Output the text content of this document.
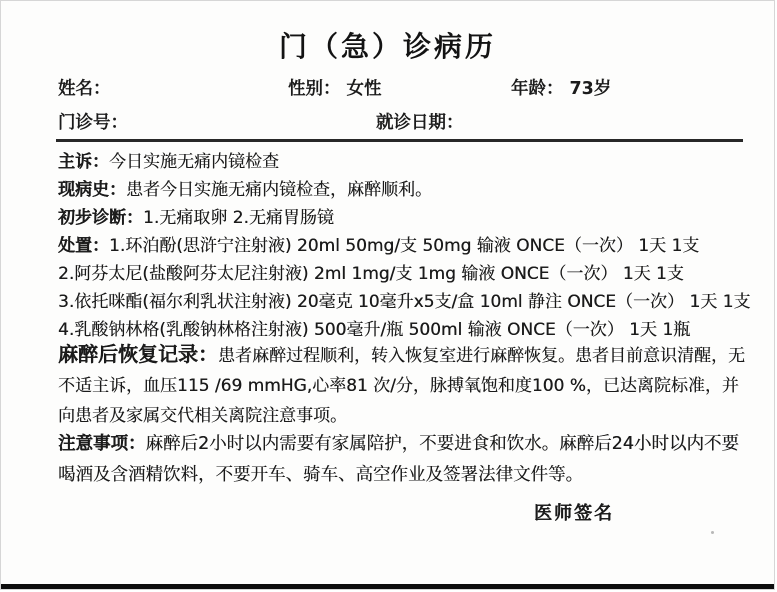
门（急）诊病历
姓名：	性别： 女性	年龄： 73岁
门诊号：	就诊日期：
主诉：今日实施无痛内镜检查
现病史：患者今日实施无痛内镜检查，麻醉顺利。
初步诊断：1.无痛取卵 2.无痛胃肠镜
处置：1.环泊酚(思浒宁注射液) 20ml 50mg/支 50mg 输液 ONCE（一次） 1天 1支
2.阿芬太尼(盐酸阿芬太尼注射液) 2ml 1mg/支 1mg 输液 ONCE（一次） 1天 1支
3.依托咪酯(福尔利乳状注射液) 20毫克 10毫升x5支/盒 10ml 静注 ONCE（一次） 1天 1支
4.乳酸钠林格(乳酸钠林格注射液) 500毫升/瓶 500ml 输液 ONCE（一次） 1天 1瓶
麻醉后恢复记录：患者麻醉过程顺利，转入恢复室进行麻醉恢复。患者目前意识清醒，无不适主诉，血压115 /69 mmHG,心率81 次/分，脉搏氧饱和度100 %，已达离院标准，并向患者及家属交代相关离院注意事项。
注意事项：麻醉后2小时以内需要有家属陪护，不要进食和饮水。麻醉后24小时以内不要喝酒及含酒精饮料，不要开车、骑车、高空作业及签署法律文件等。
医师签名
